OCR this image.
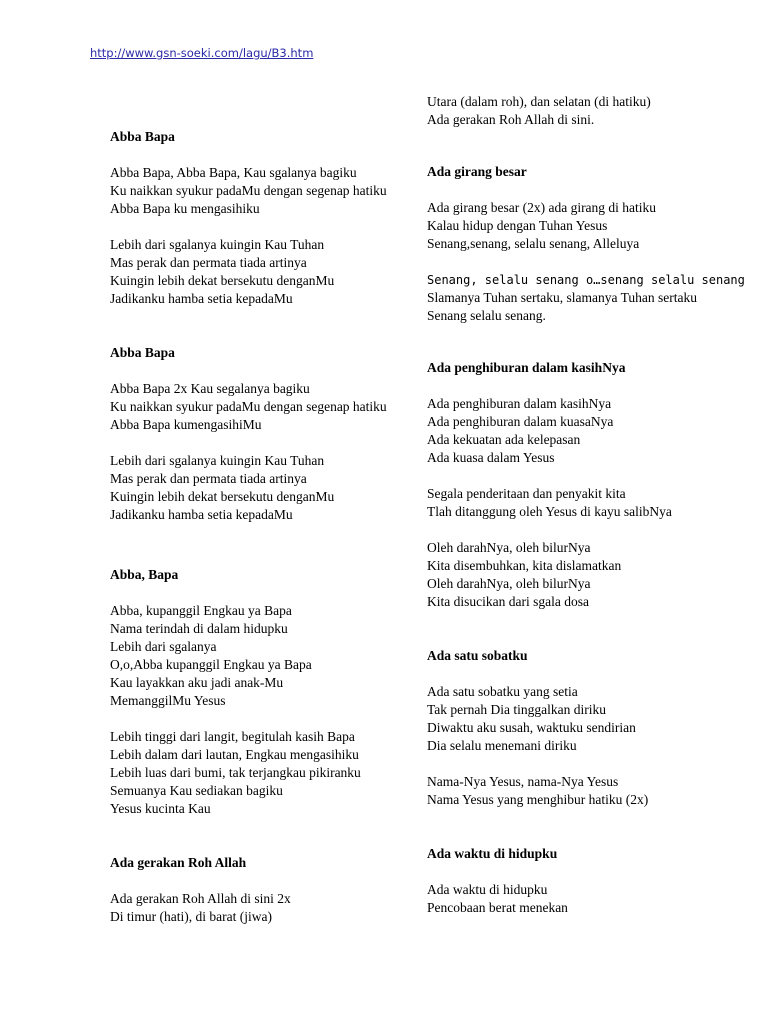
http://www.gsn-soeki.com/lagu/B3.htm
Abba Bapa
Abba Bapa, Abba Bapa, Kau sgalanya bagiku
Ku naikkan syukur padaMu dengan segenap hatiku
Abba Bapa ku mengasihiku
Lebih dari sgalanya kuingin Kau Tuhan
Mas perak dan permata tiada artinya
Kuingin lebih dekat bersekutu denganMu
Jadikanku hamba setia kepadaMu
Abba Bapa
Abba Bapa 2x Kau segalanya bagiku
Ku naikkan syukur padaMu dengan segenap hatiku
Abba Bapa kumengasihiMu
Lebih dari sgalanya kuingin Kau Tuhan
Mas perak dan permata tiada artinya
Kuingin lebih dekat bersekutu denganMu
Jadikanku hamba setia kepadaMu
Abba, Bapa
Abba, kupanggil Engkau ya Bapa
Nama terindah di dalam hidupku
Lebih dari sgalanya
O,o,Abba kupanggil Engkau ya Bapa
Kau layakkan aku jadi anak-Mu
MemanggilMu Yesus
Lebih tinggi dari langit, begitulah kasih Bapa
Lebih dalam dari lautan, Engkau mengasihiku
Lebih luas dari bumi, tak terjangkau pikiranku
Semuanya Kau sediakan bagiku
Yesus kucinta Kau
Ada gerakan Roh Allah
Ada gerakan Roh Allah di sini 2x
Di timur (hati), di barat (jiwa)
Utara (dalam roh), dan selatan (di hatiku)
Ada gerakan Roh Allah di sini.
Ada girang besar
Ada girang besar (2x) ada girang di hatiku
Kalau hidup dengan Tuhan Yesus
Senang,senang, selalu senang, Alleluya
Senang, selalu senang o…senang selalu senang
Slamanya Tuhan sertaku, slamanya Tuhan sertaku
Senang selalu senang.
Ada penghiburan dalam kasihNya
Ada penghiburan dalam kasihNya
Ada penghiburan dalam kuasaNya
Ada kekuatan ada kelepasan
Ada kuasa dalam Yesus
Segala penderitaan dan penyakit kita
Tlah ditanggung oleh Yesus di kayu salibNya
Oleh darahNya, oleh bilurNya
Kita disembuhkan, kita dislamatkan
Oleh darahNya, oleh bilurNya
Kita disucikan dari sgala dosa
Ada satu sobatku
Ada satu sobatku yang setia
Tak pernah Dia tinggalkan diriku
Diwaktu aku susah, waktuku sendirian
Dia selalu menemani diriku
Nama-Nya Yesus, nama-Nya Yesus
Nama Yesus yang menghibur hatiku (2x)
Ada waktu di hidupku
Ada waktu di hidupku
Pencobaan berat menekan
